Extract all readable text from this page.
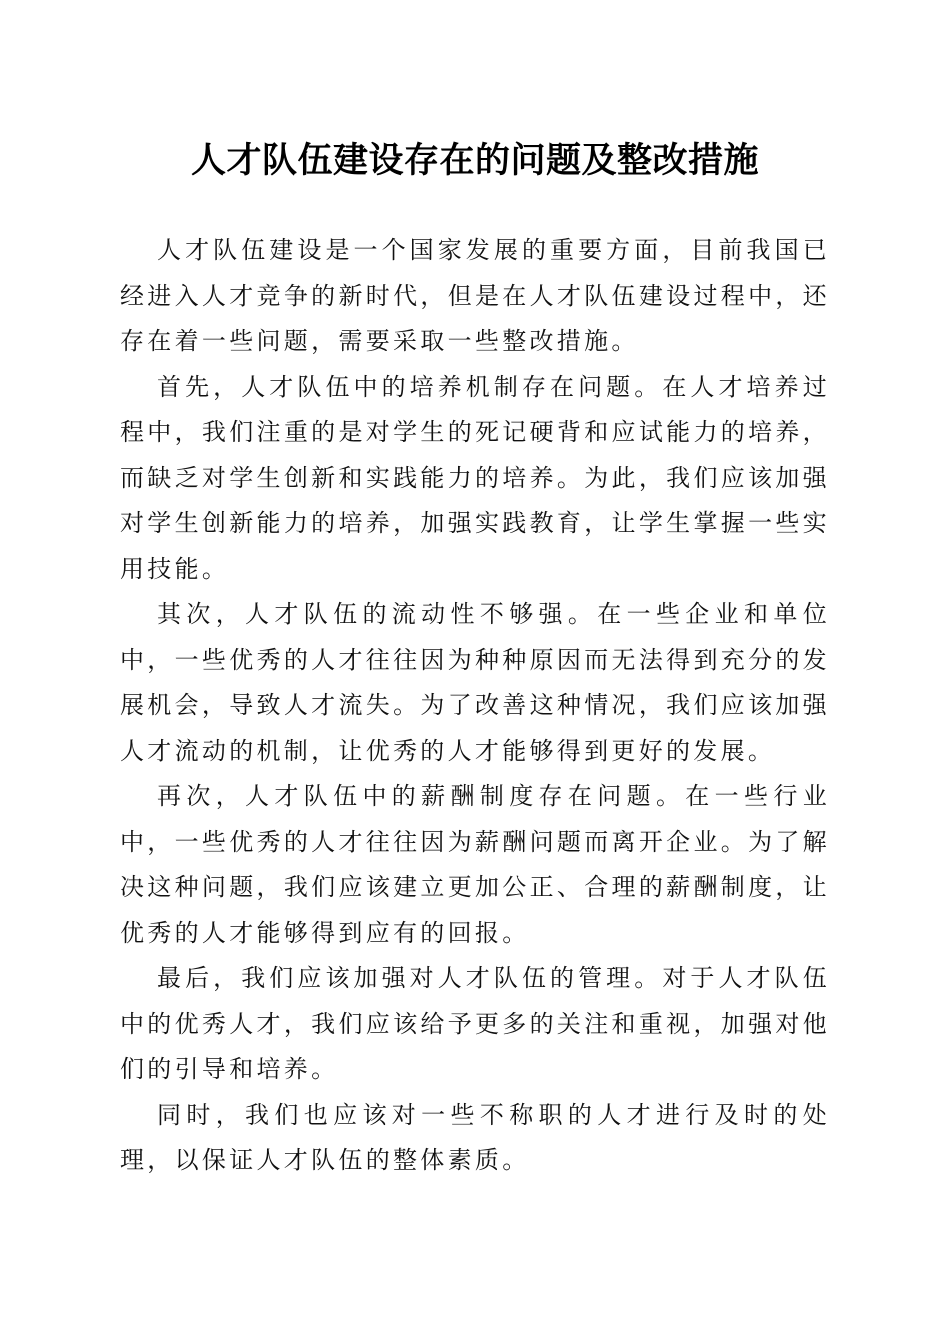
人才队伍建设存在的问题及整改措施

人才队伍建设是一个国家发展的重要方面，目前我国已经进入人才竞争的新时代，但是在人才队伍建设过程中，还存在着一些问题，需要采取一些整改措施。

首先，人才队伍中的培养机制存在问题。在人才培养过程中，我们注重的是对学生的死记硬背和应试能力的培养，而缺乏对学生创新和实践能力的培养。为此，我们应该加强对学生创新能力的培养，加强实践教育，让学生掌握一些实用技能。

其次，人才队伍的流动性不够强。在一些企业和单位中，一些优秀的人才往往因为种种原因而无法得到充分的发展机会，导致人才流失。为了改善这种情况，我们应该加强人才流动的机制，让优秀的人才能够得到更好的发展。

再次，人才队伍中的薪酬制度存在问题。在一些行业中，一些优秀的人才往往因为薪酬问题而离开企业。为了解决这种问题，我们应该建立更加公正、合理的薪酬制度，让优秀的人才能够得到应有的回报。

最后，我们应该加强对人才队伍的管理。对于人才队伍中的优秀人才，我们应该给予更多的关注和重视，加强对他们的引导和培养。

同时，我们也应该对一些不称职的人才进行及时的处理，以保证人才队伍的整体素质。
